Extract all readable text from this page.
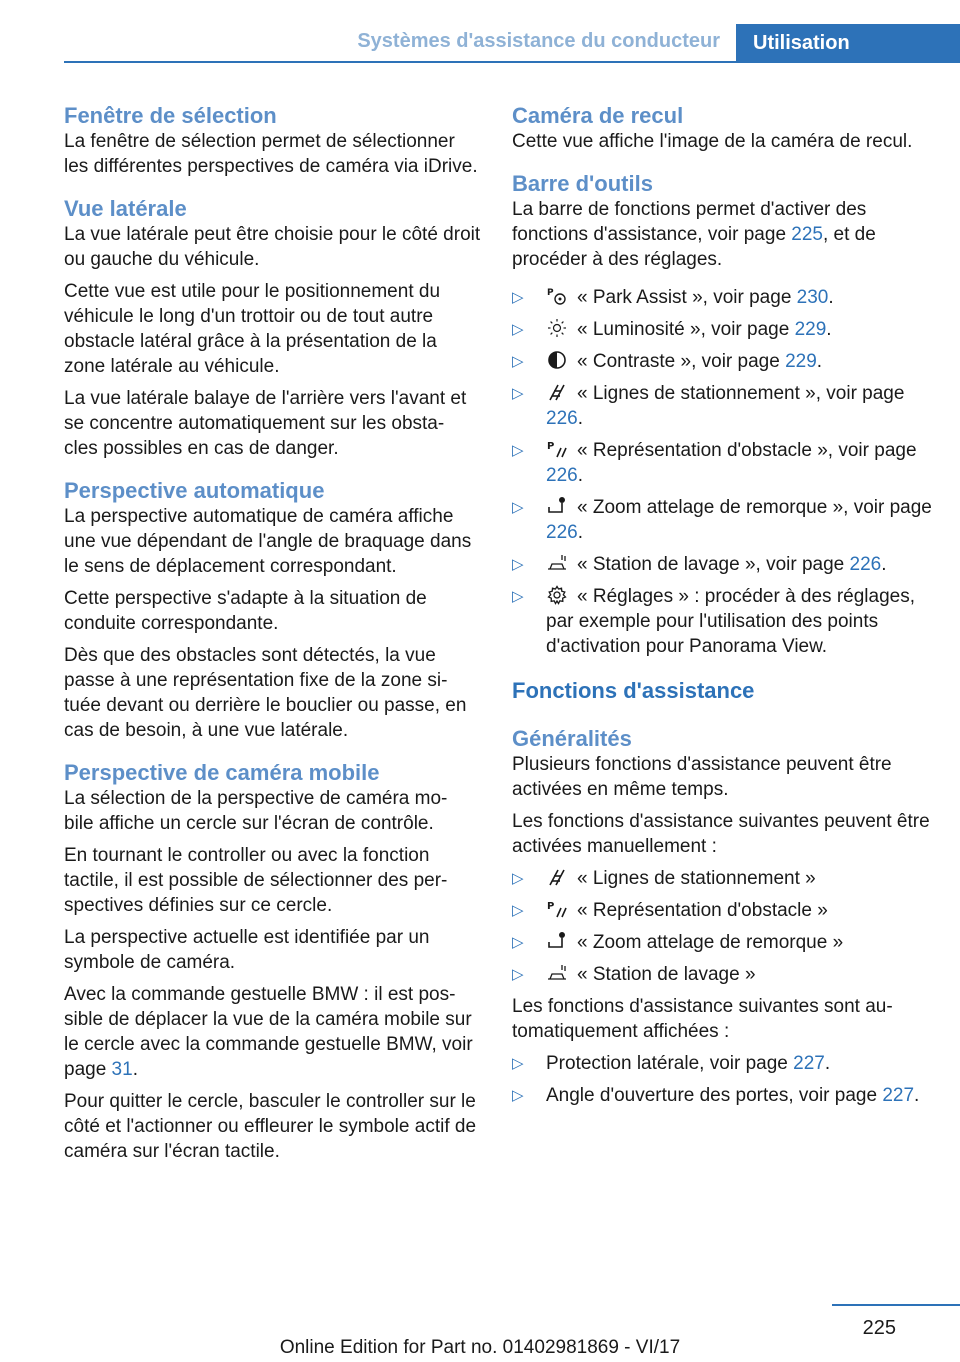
Systèmes d'assistance du conducteur	Utilisation
Fenêtre de sélection

La fenêtre de sélection permet de sélectionner les différentes perspectives de caméra via iDrive.

Vue latérale

La vue latérale peut être choisie pour le côté droit ou gauche du véhicule.

Cette vue est utile pour le positionnement du véhicule le long d'un trottoir ou de tout autre obstacle latéral grâce à la présentation de la zone latérale au véhicule.

La vue latérale balaye de l'arrière vers l'avant et se concentre automatiquement sur les obsta‐ cles possibles en cas de danger.

Perspective automatique

La perspective automatique de caméra affiche une vue dépendant de l'angle de braquage dans le sens de déplacement correspondant.

Cette perspective s'adapte à la situation de conduite correspondante.

Dès que des obstacles sont détectés, la vue passe à une représentation fixe de la zone si‐ tuée devant ou derrière le bouclier ou passe, en cas de besoin, à une vue latérale.

Perspective de caméra mobile

La sélection de la perspective de caméra mo‐ bile affiche un cercle sur l'écran de contrôle.

En tournant le controller ou avec la fonction tactile, il est possible de sélectionner des per‐ spectives définies sur ce cercle.

La perspective actuelle est identifiée par un symbole de caméra.

Avec la commande gestuelle BMW : il est pos‐ sible de déplacer la vue de la caméra mobile sur le cercle avec la commande gestuelle BMW, voir page 31.

Pour quitter le cercle, basculer le controller sur le côté et l'actionner ou effleurer le symbole actif de caméra sur l'écran tactile.

Caméra de recul

Cette vue affiche l'image de la caméra de recul.

Barre d'outils

La barre de fonctions permet d'activer des fonctions d'assistance, voir page 225, et de procéder à des réglages.

▷	P « Park Assist », voir page 230.
▷	« Luminosité », voir page 229.
▷	« Contraste », voir page 229.
▷	« Lignes de stationnement », voir page 226.
▷ P « Représentation d'obstacle », voir page 226.
▷	« Zoom attelage de remorque », voir page 226.
▷	« Station de lavage », voir page 226.
▷	« Réglages » : procéder à des réglages, par exemple pour l'utilisation des points d'activation pour Panorama View.
Fonctions d'assistance
Généralités

Plusieurs fonctions d'assistance peuvent être activées en même temps.

Les fonctions d'assistance suivantes peuvent être activées manuellement :

▷	« Lignes de stationnement »
▷ P « Représentation d'obstacle »
▷	« Zoom attelage de remorque »
▷	« Station de lavage »

Les fonctions d'assistance suivantes sont au‐ tomatiquement affichées :

▷ Protection latérale, voir page 227.
▷ Angle d'ouverture des portes, voir page 227.
225
Online Edition for Part no. 01402981869 - VI/17
